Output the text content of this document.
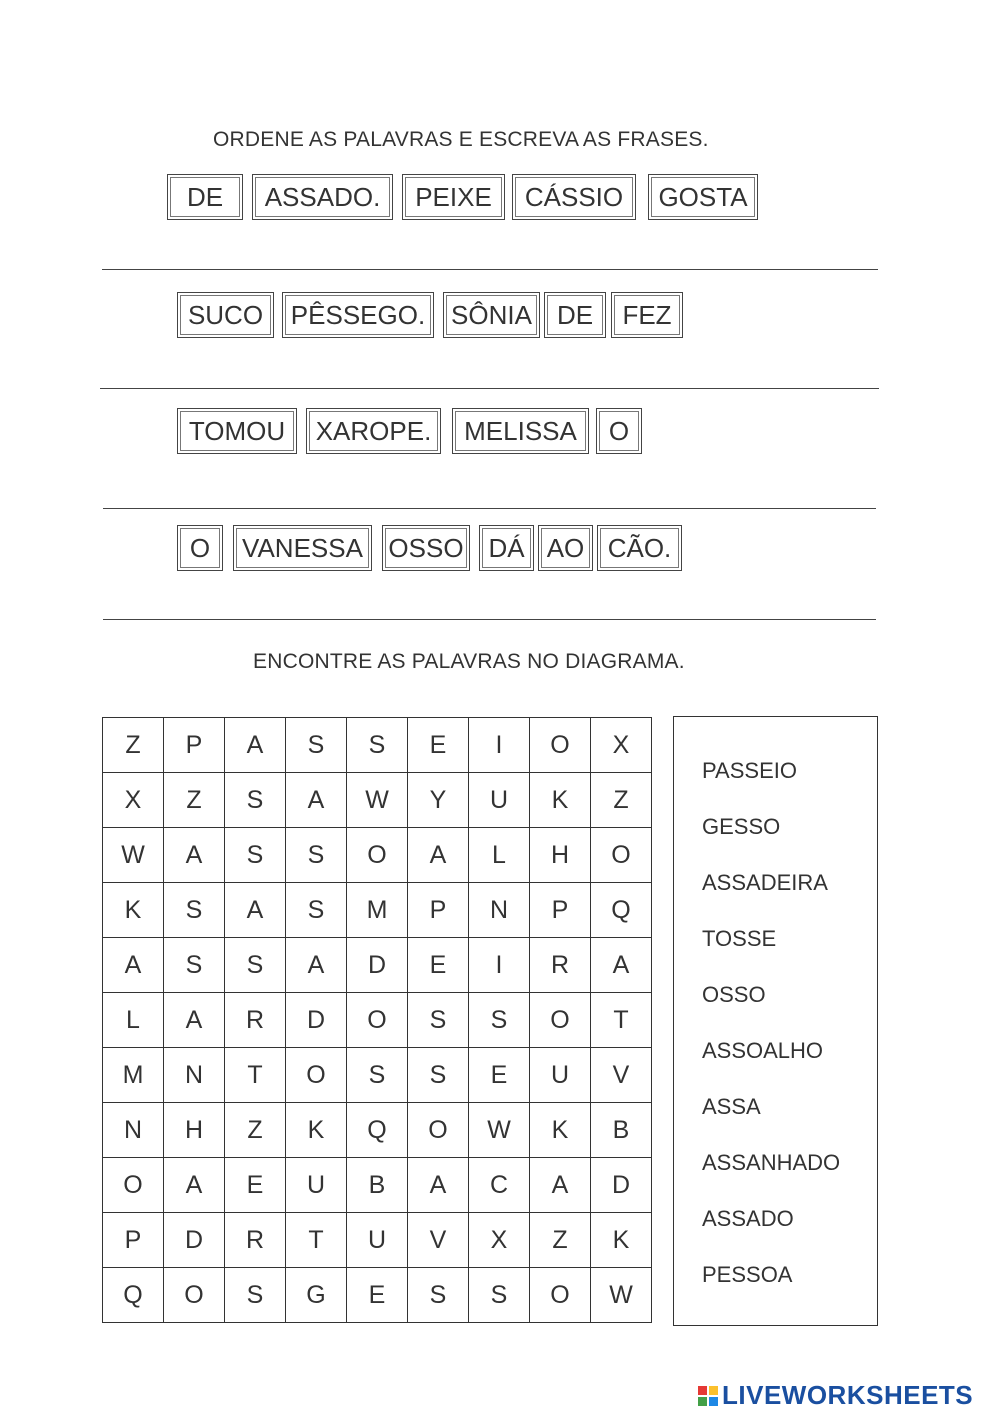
ORDENE AS PALAVRAS E ESCREVA AS FRASES.
DE	ASSADO.	PEIXE	CÁSSIO	GOSTA
SUCO	PÊSSEGO. SÔNIA DE	FEZ
TOMOU	XAROPE.	MELISSA	O
O	VANESSA OSSO DÁ AO CÃO.
ENCONTRE AS PALAVRAS NO DIAGRAMA.
Z	P	A	S	S	E	I	O	X
X	Z	S	A	W	Y	U	K	Z
W	A	S	S	O	A	L	H	O
K	S	A	S	M	P	N	P	Q
A	S	S	A	D	E	I	R	A
L	A	R	D	O	S	S	O	T
M	N	T	O	S	S	E	U	V
N	H	Z	K	Q	O	W	K	B
O	A	E	U	B	A	C	A	D
P	D	R	T	U	V	X	Z	K
Q	O	S	G	E	S	S	O	W
PASSEIO
GESSO
ASSADEIRA
TOSSE
OSSO
ASSOALHO
ASSA
ASSANHADO
ASSADO
PESSOA
LIVEWORKSHEETS
